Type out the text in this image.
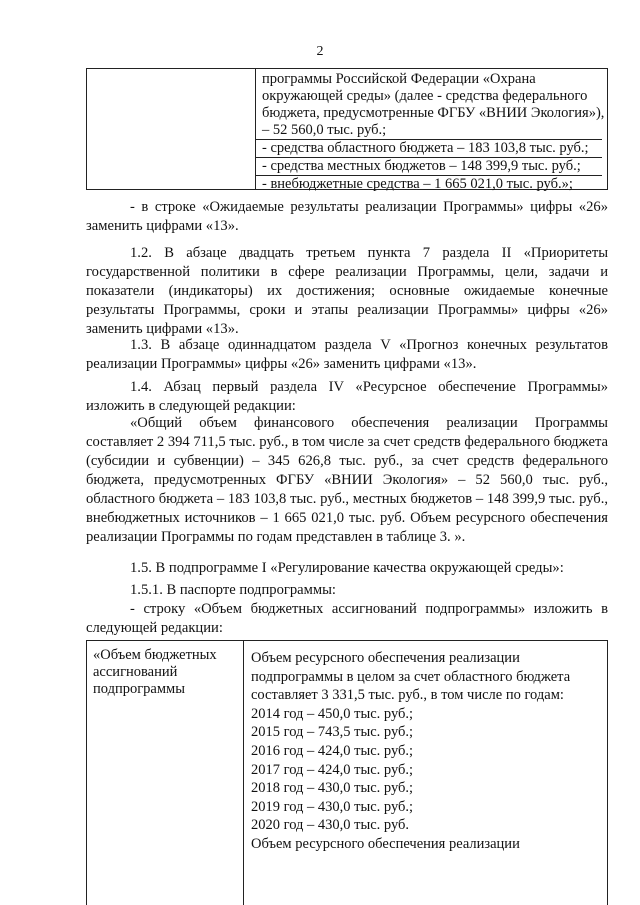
2
программы Российской Федерации «Охрана
окружающей среды» (далее - средства федерального
бюджета, предусмотренные ФГБУ «ВНИИ Экология»),
– 52 560,0 тыс. руб.;
- средства областного бюджета – 183 103,8 тыс. руб.;
- средства местных бюджетов – 148 399,9 тыс. руб.;
- внебюджетные средства – 1 665 021,0 тыс. руб.»;
- в строке «Ожидаемые результаты реализации Программы» цифры «26» заменить цифрами «13».
1.2. В абзаце двадцать третьем пункта 7 раздела II «Приоритеты государственной политики в сфере реализации Программы, цели, задачи и показатели (индикаторы) их достижения; основные ожидаемые конечные результаты Программы, сроки и этапы реализации Программы» цифры «26» заменить цифрами «13».
1.3. В абзаце одиннадцатом раздела V «Прогноз конечных результатов реализации Программы» цифры «26» заменить цифрами «13».
1.4. Абзац первый раздела IV «Ресурсное обеспечение Программы» изложить в следующей редакции:
«Общий объем финансового обеспечения реализации Программы составляет 2 394 711,5 тыс. руб., в том числе за счет средств федерального бюджета (субсидии и субвенции) – 345 626,8 тыс. руб., за счет средств федерального бюджета, предусмотренных ФГБУ «ВНИИ Экология» – 52 560,0 тыс. руб., областного бюджета – 183 103,8 тыс. руб., местных бюджетов – 148 399,9 тыс. руб., внебюджетных источников – 1 665 021,0 тыс. руб. Объем ресурсного обеспечения реализации Программы по годам представлен в таблице 3. ».
1.5. В подпрограмме I «Регулирование качества окружающей среды»:
1.5.1. В паспорте подпрограммы:
- строку «Объем бюджетных ассигнований подпрограммы» изложить в следующей редакции:
«Объем бюджетных ассигнований подпрограммы
Объем ресурсного обеспечения реализации
подпрограммы в целом за счет областного бюджета
составляет 3 331,5 тыс. руб., в том числе по годам:
2014 год – 450,0 тыс. руб.;
2015 год – 743,5 тыс. руб.;
2016 год – 424,0 тыс. руб.;
2017 год – 424,0 тыс. руб.;
2018 год – 430,0 тыс. руб.;
2019 год – 430,0 тыс. руб.;
2020 год – 430,0 тыс. руб.
Объем ресурсного обеспечения реализации
